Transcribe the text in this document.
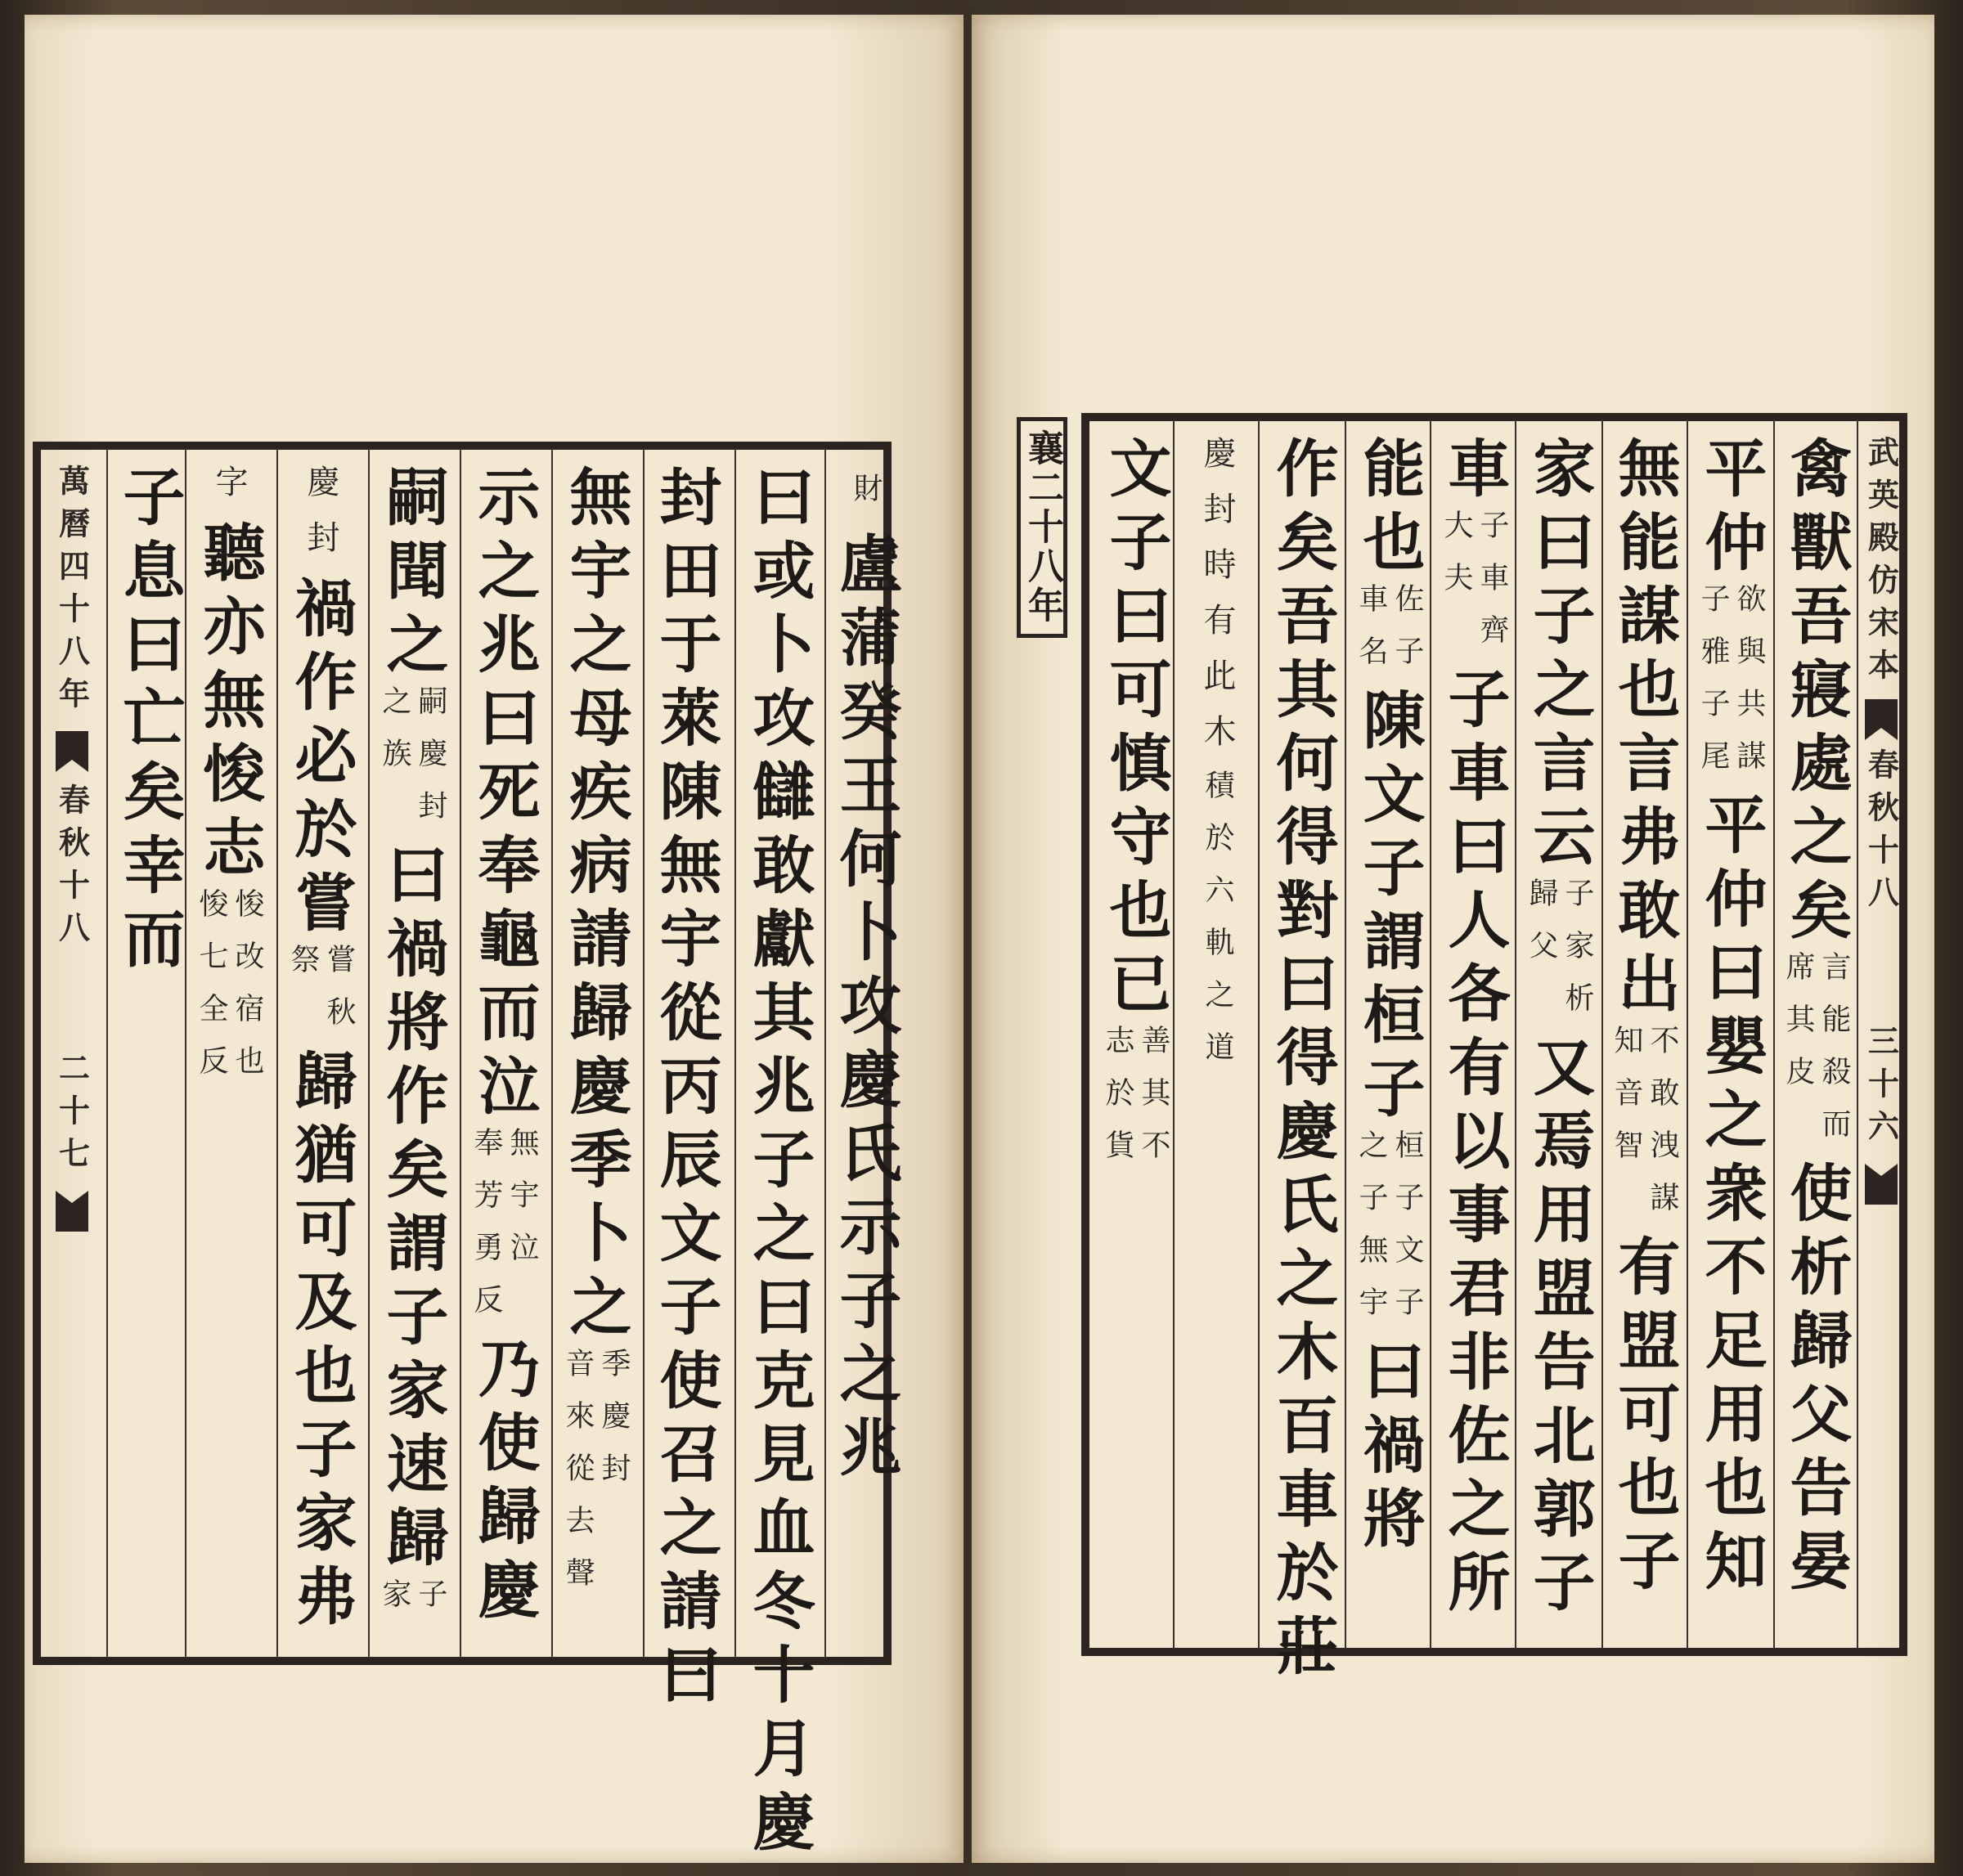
萬曆四十八年
春秋十八
二十七
財
盧蒲癸王何卜攻慶氏示子之兆
曰或卜攻讎敢獻其兆子之曰克見血冬十月慶
封田于萊陳無宇從丙辰文子使召之請曰
無宇之母疾病請歸慶季卜之
季慶封
音來從去聲
示之兆曰死奉龜而泣
無宇泣
奉芳勇反
乃使歸慶
嗣聞之
嗣慶封
之族
曰禍將作矣謂子家速歸
子
家
慶封
禍作必於嘗
嘗秋
祭
歸猶可及也子家弗
字
聽亦無悛志
悛改宿也
悛七全反
子息曰亡矣幸而	襄二十八年	武英殿仿宋本
春秋十八
三十六
禽獸吾寢處之矣
言能殺而
席其皮
使析歸父告晏
平仲
欲與共謀
子雅子尾
平仲曰嬰之衆不足用也知
無能謀也言弗敢出
不敢洩謀
知音智
有盟可也子
家曰子之言云
子家析
歸父
又焉用盟告北郭子
車
子車齊
大夫
子車曰人各有以事君非佐之所
能也
佐子
車名
陳文子謂桓子
桓子文子
之子無宇
曰禍將
作矣吾其何得對曰得慶氏之木百車於莊
慶封時有此木
積於六軌之道
文子曰可慎守也已
善其不
志於貨
